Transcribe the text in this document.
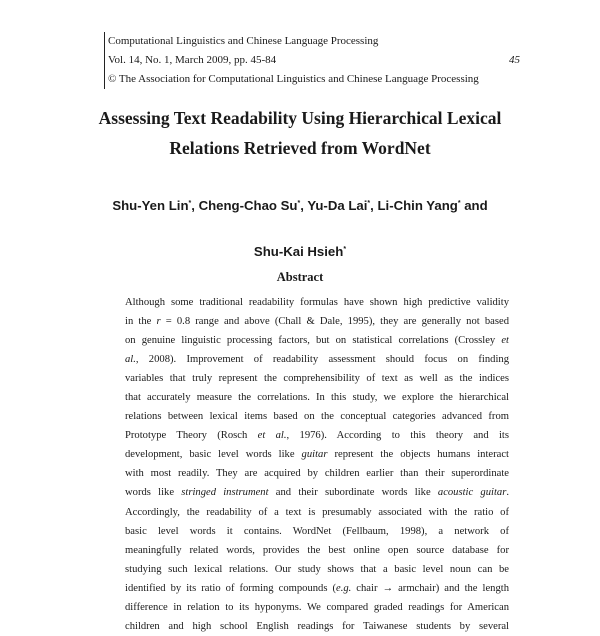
Computational Linguistics and Chinese Language Processing
Vol. 14, No. 1, March 2009, pp. 45-84	45
© The Association for Computational Linguistics and Chinese Language Processing
Assessing Text Readability Using Hierarchical Lexical
Relations Retrieved from WordNet
Shu-Yen Lin*, Cheng-Chao Su*, Yu-Da Lai*, Li-Chin Yang* and
Shu-Kai Hsieh*
Abstract
Although some traditional readability formulas have shown high predictive validity
in the r = 0.8 range and above (Chall & Dale, 1995), they are generally not based
on genuine linguistic processing factors, but on statistical correlations (Crossley et
al., 2008). Improvement of readability assessment should focus on finding
variables that truly represent the comprehensibility of text as well as the indices
that accurately measure the correlations. In this study, we explore the hierarchical
relations between lexical items based on the conceptual categories advanced from
Prototype Theory (Rosch et al., 1976). According to this theory and its
development, basic level words like guitar represent the objects humans interact
with most readily. They are acquired by children earlier than their superordinate
words like stringed instrument and their subordinate words like acoustic guitar.
Accordingly, the readability of a text is presumably associated with the ratio of
basic level words it contains. WordNet (Fellbaum, 1998), a network of
meaningfully related words, provides the best online open source database for
studying such lexical relations. Our study shows that a basic level noun can be
identified by its ratio of forming compounds (e.g. chair → armchair) and the length
difference in relation to its hyponyms. We compared graded readings for American
children and high school English readings for Taiwanese students by several
